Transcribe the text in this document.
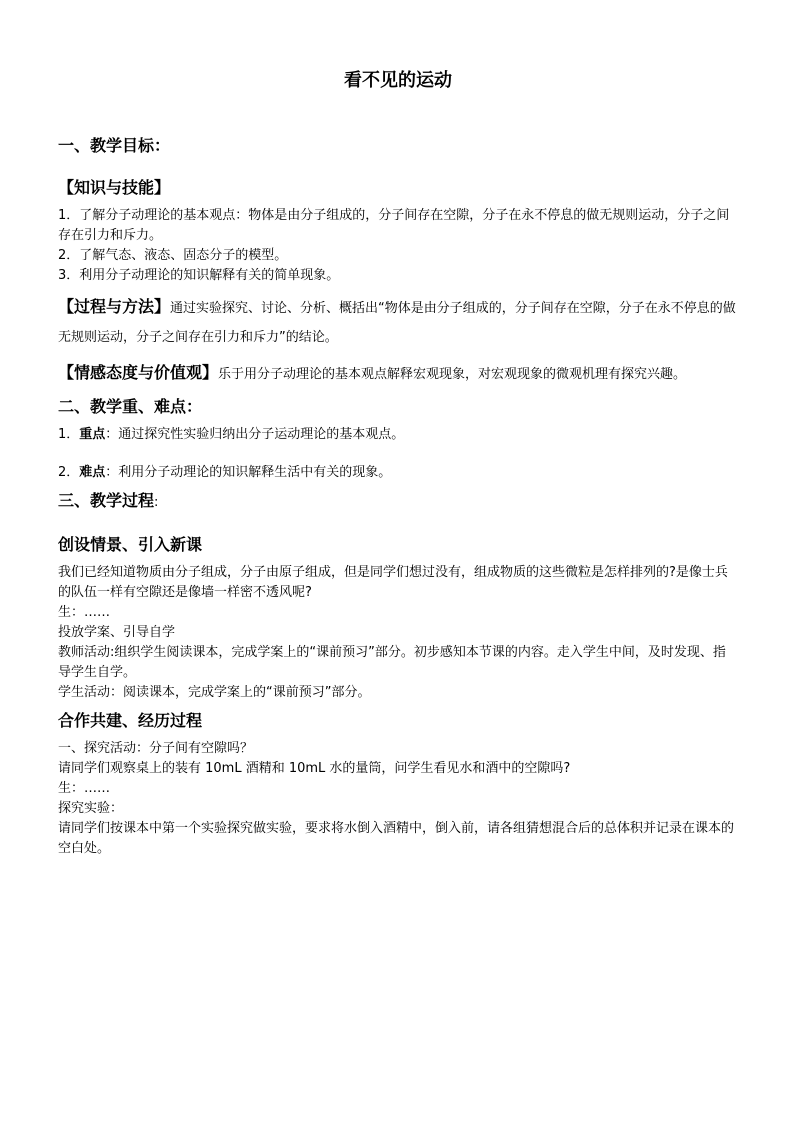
看不见的运动
一、教学目标：
【知识与技能】
1．了解分子动理论的基本观点：物体是由分子组成的，分子间存在空隙，分子在永不停息的做无规则运动，分子之间存在引力和斥力。
2．了解气态、液态、固态分子的模型。
3．利用分子动理论的知识解释有关的简单现象。
【过程与方法】通过实验探究、讨论、分析、概括出“物体是由分子组成的，分子间存在空隙，分子在永不停息的做无规则运动，分子之间存在引力和斥力”的结论。
【情感态度与价值观】乐于用分子动理论的基本观点解释宏观现象，对宏观现象的微观机理有探究兴趣。
二、教学重、难点：
1．重点：通过探究性实验归纳出分子运动理论的基本观点。
2．难点：利用分子动理论的知识解释生活中有关的现象。
三、教学过程:
创设情景、引入新课
我们已经知道物质由分子组成，分子由原子组成，但是同学们想过没有，组成物质的这些微粒是怎样排列的?是像士兵的队伍一样有空隙还是像墙一样密不透风呢?
生：……
投放学案、引导自学
教师活动:组织学生阅读课本，完成学案上的“课前预习”部分。初步感知本节课的内容。走入学生中间，及时发现、指导学生自学。
学生活动：阅读课本，完成学案上的“课前预习”部分。
合作共建、经历过程
一、探究活动：分子间有空隙吗？
请同学们观察桌上的装有 10mL 酒精和 10mL 水的量筒，问学生看见水和酒中的空隙吗?
生：……
探究实验：
请同学们按课本中第一个实验探究做实验，要求将水倒入酒精中，倒入前，请各组猜想混合后的总体积并记录在课本的空白处。
